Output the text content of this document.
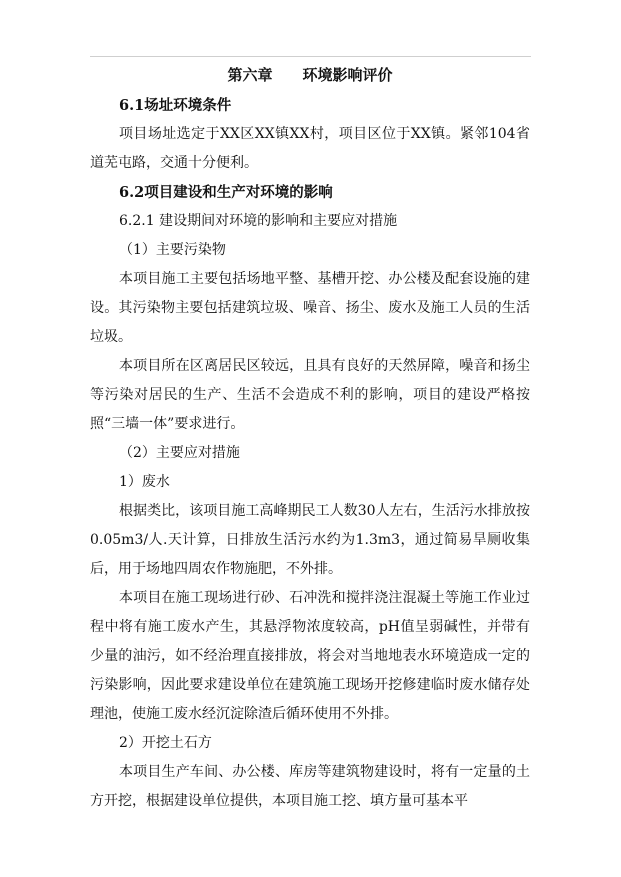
第六章　　环境影响评价

6.1场址环境条件

项目场址选定于XX区XX镇XX村，项目区位于XX镇。紧邻104省道芜屯路，交通十分便利。

6.2项目建设和生产对环境的影响

6.2.1 建设期间对环境的影响和主要应对措施

（1）主要污染物

本项目施工主要包括场地平整、基槽开挖、办公楼及配套设施的建设。其污染物主要包括建筑垃圾、噪音、扬尘、废水及施工人员的生活垃圾。

本项目所在区离居民区较远，且具有良好的天然屏障，噪音和扬尘等污染对居民的生产、生活不会造成不利的影响，项目的建设严格按照“三墙一体”要求进行。

（2）主要应对措施

1）废水

根据类比，该项目施工高峰期民工人数30人左右，生活污水排放按0.05m3/人.天计算，日排放生活污水约为1.3m3，通过简易旱厕收集后，用于场地四周农作物施肥，不外排。

本项目在施工现场进行砂、石冲洗和搅拌浇注混凝土等施工作业过程中将有施工废水产生，其悬浮物浓度较高，pH值呈弱碱性，并带有少量的油污，如不经治理直接排放，将会对当地地表水环境造成一定的污染影响，因此要求建设单位在建筑施工现场开挖修建临时废水储存处理池，使施工废水经沉淀除渣后循环使用不外排。

2）开挖土石方

本项目生产车间、办公楼、库房等建筑物建设时，将有一定量的土方开挖，根据建设单位提供，本项目施工挖、填方量可基本平
